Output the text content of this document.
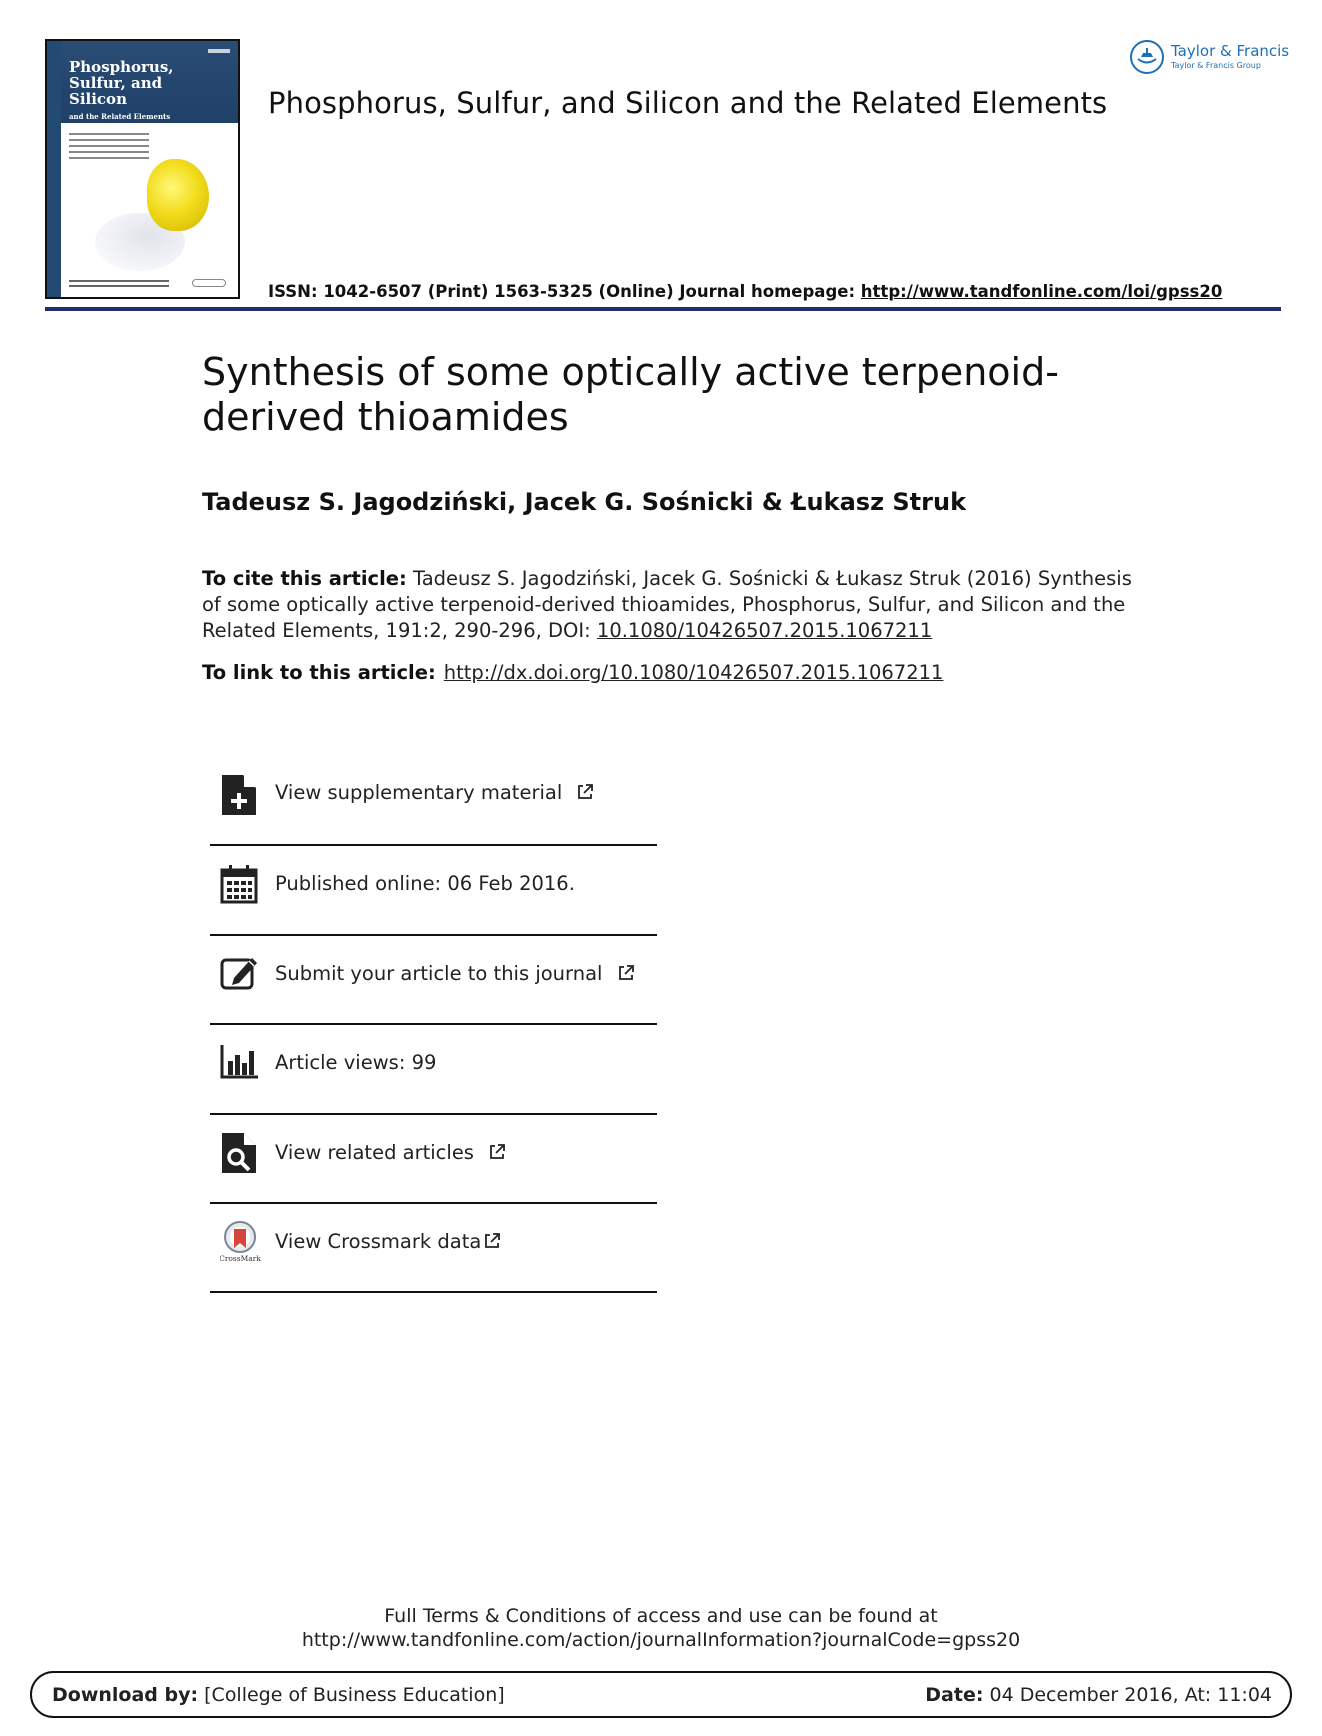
Phosphorus,
Sulfur, and
Silicon
and the Related Elements	Phosphorus, Sulfur, and Silicon and the Related Elements
ISSN: 1042-6507 (Print) 1563-5325 (Online) Journal homepage: http://www.tandfonline.com/loi/gpss20
Taylor & Francis
Taylor & Francis Group
Synthesis of some optically active terpenoid-derived thioamides
Tadeusz S. Jagodziński, Jacek G. Sośnicki & Łukasz Struk

To cite this article: Tadeusz S. Jagodziński, Jacek G. Sośnicki & Łukasz Struk (2016) Synthesis of some optically active terpenoid-derived thioamides, Phosphorus, Sulfur, and Silicon and the Related Elements, 191:2, 290-296, DOI: 10.1080/10426507.2015.1067211

To link to this article: http://dx.doi.org/10.1080/10426507.2015.1067211

View supplementary material
Published online: 06 Feb 2016.
Submit your article to this journal
Article views: 99
View related articles
CrossMark
View Crossmark data
Full Terms & Conditions of access and use can be found at
http://www.tandfonline.com/action/journalInformation?journalCode=gpss20
Download by: [College of Business Education]	Date: 04 December 2016, At: 11:04
